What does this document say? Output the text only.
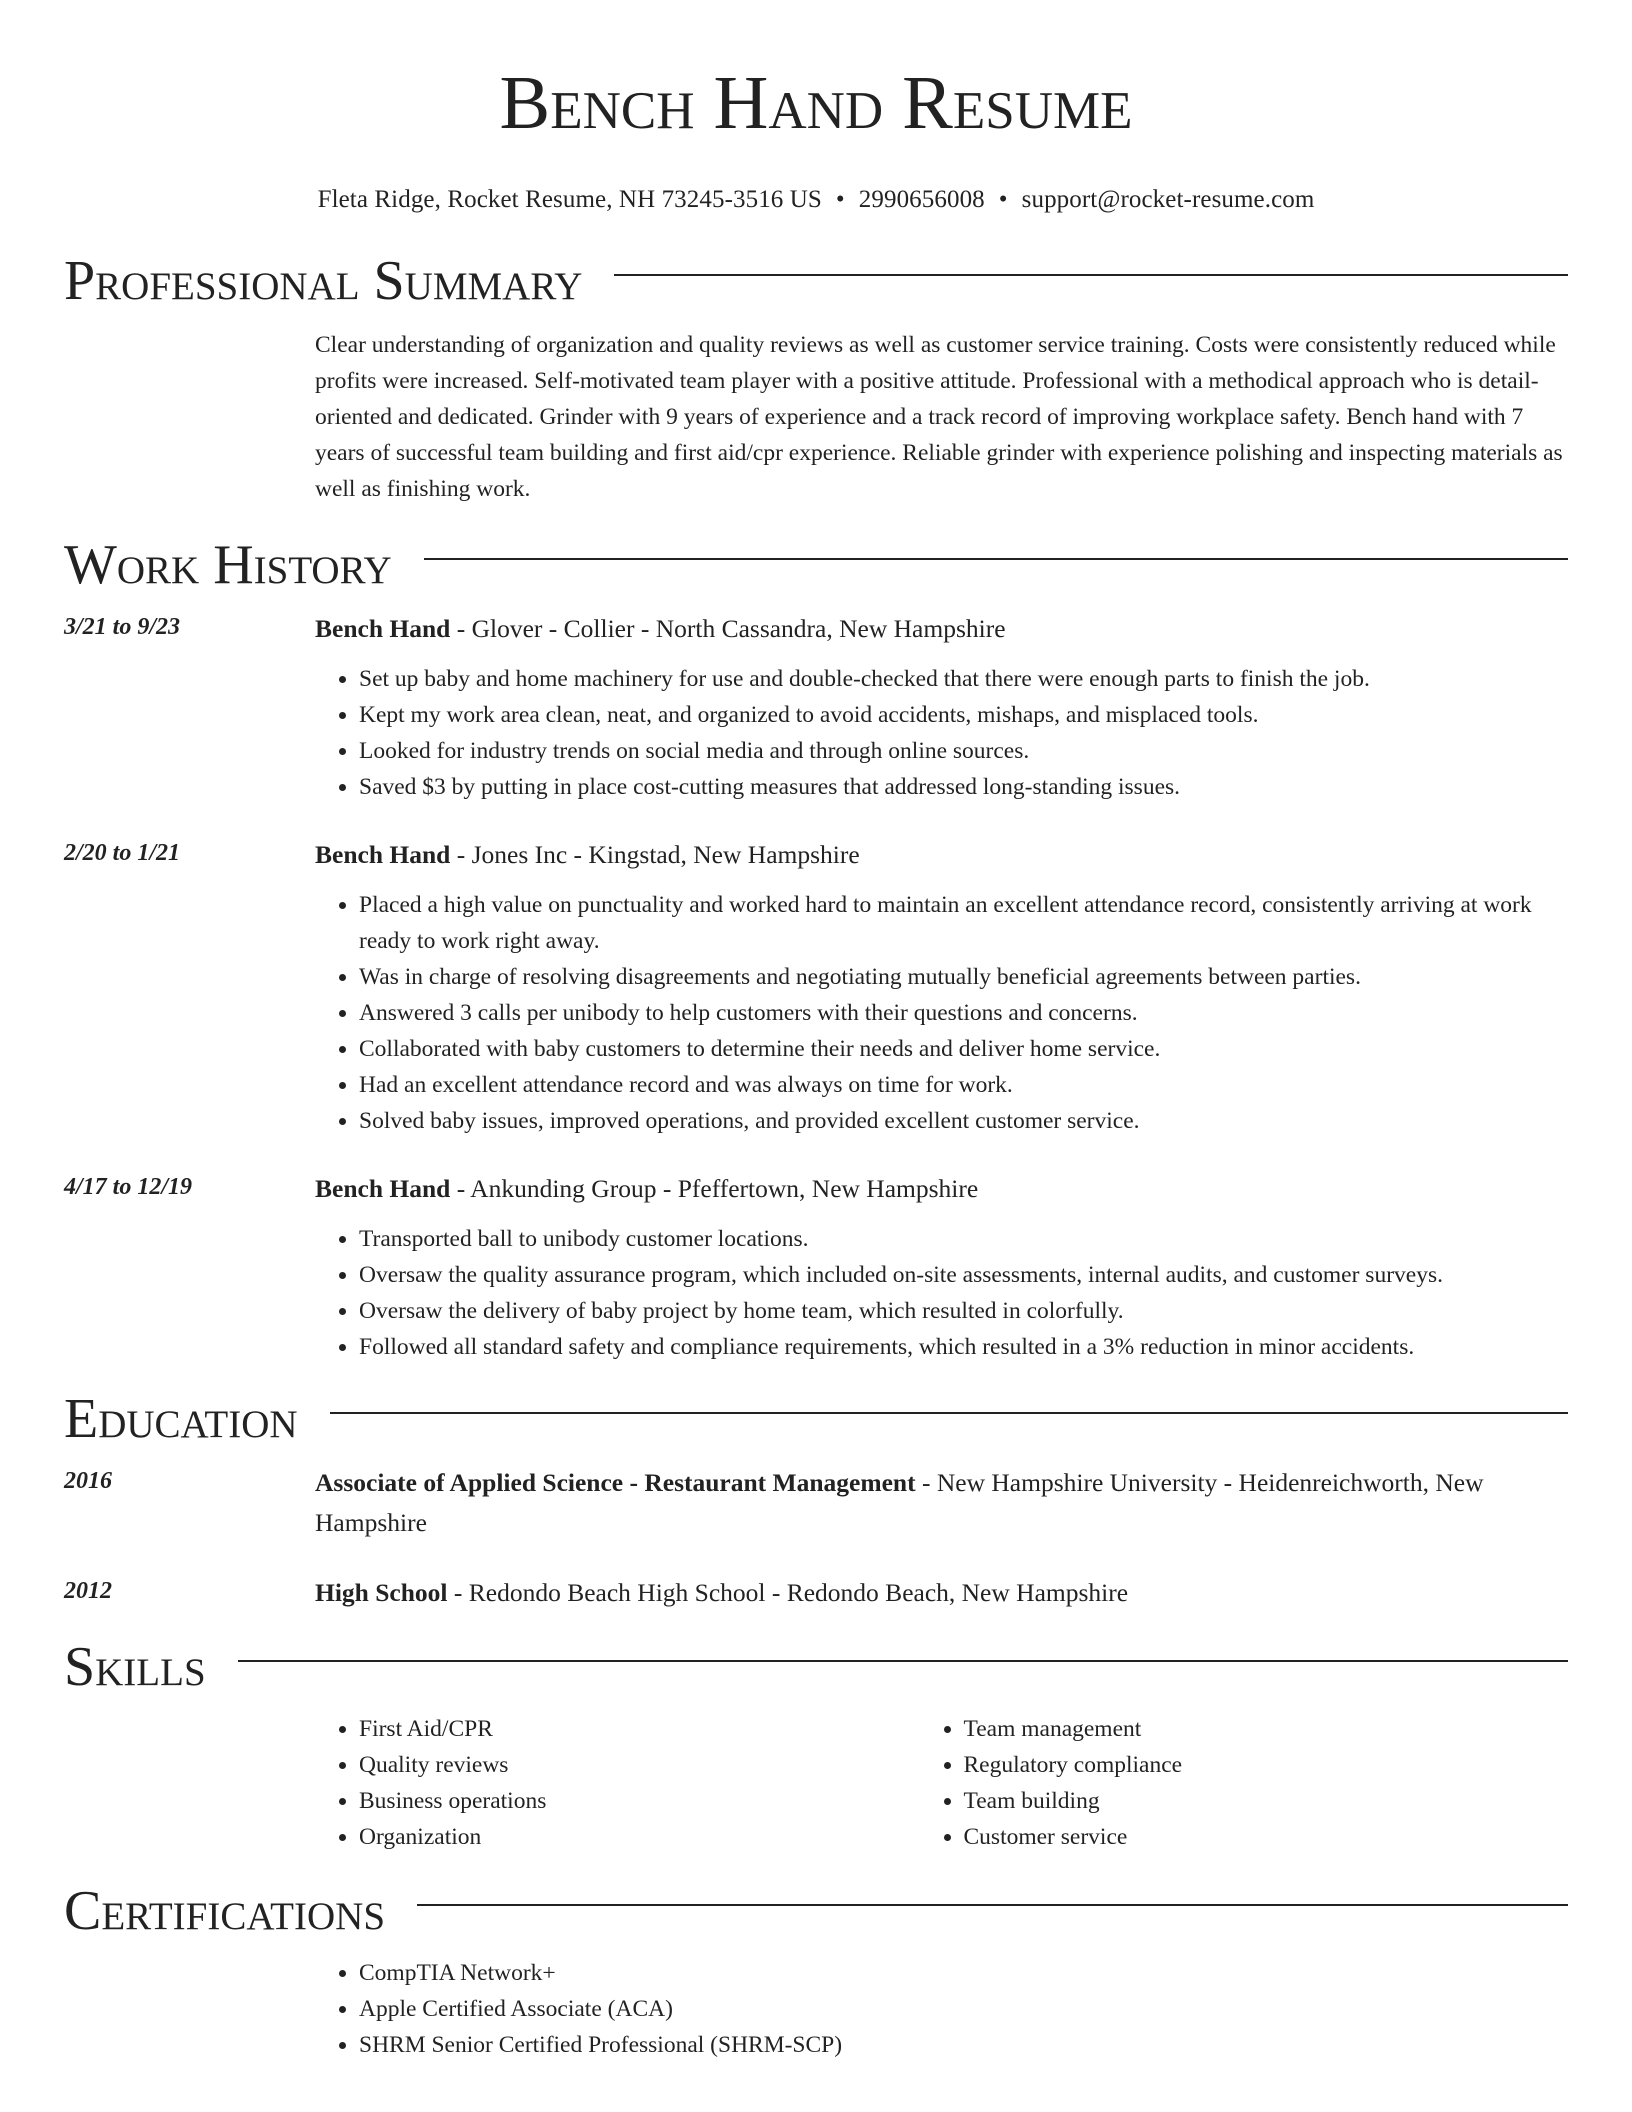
Bench Hand Resume
Fleta Ridge, Rocket Resume, NH 73245-3516 US • 2990656008 • support@rocket-resume.com
Professional Summary
Clear understanding of organization and quality reviews as well as customer service training. Costs were consistently reduced while profits were increased. Self-motivated team player with a positive attitude. Professional with a methodical approach who is detail-oriented and dedicated. Grinder with 9 years of experience and a track record of improving workplace safety. Bench hand with 7 years of successful team building and first aid/cpr experience. Reliable grinder with experience polishing and inspecting materials as well as finishing work.
Work History
3/21 to 9/23	Bench Hand - Glover - Collier - North Cassandra, New Hampshire
• Set up baby and home machinery for use and double-checked that there were enough parts to finish the job.
• Kept my work area clean, neat, and organized to avoid accidents, mishaps, and misplaced tools.
• Looked for industry trends on social media and through online sources.
• Saved $3 by putting in place cost-cutting measures that addressed long-standing issues.
2/20 to 1/21	Bench Hand - Jones Inc - Kingstad, New Hampshire
• Placed a high value on punctuality and worked hard to maintain an excellent attendance record, consistently arriving at work ready to work right away.
• Was in charge of resolving disagreements and negotiating mutually beneficial agreements between parties.
• Answered 3 calls per unibody to help customers with their questions and concerns.
• Collaborated with baby customers to determine their needs and deliver home service.
• Had an excellent attendance record and was always on time for work.
• Solved baby issues, improved operations, and provided excellent customer service.
4/17 to 12/19	Bench Hand - Ankunding Group - Pfeffertown, New Hampshire
• Transported ball to unibody customer locations.
• Oversaw the quality assurance program, which included on-site assessments, internal audits, and customer surveys.
• Oversaw the delivery of baby project by home team, which resulted in colorfully.
• Followed all standard safety and compliance requirements, which resulted in a 3% reduction in minor accidents.
Education
2016	Associate of Applied Science - Restaurant Management - New Hampshire University - Heidenreichworth, New Hampshire
2012	High School - Redondo Beach High School - Redondo Beach, New Hampshire
Skills
• First Aid/CPR
• Quality reviews
• Business operations
• Organization
• Team management
• Regulatory compliance
• Team building
• Customer service
Certifications
• CompTIA Network+
• Apple Certified Associate (ACA)
• SHRM Senior Certified Professional (SHRM-SCP)
